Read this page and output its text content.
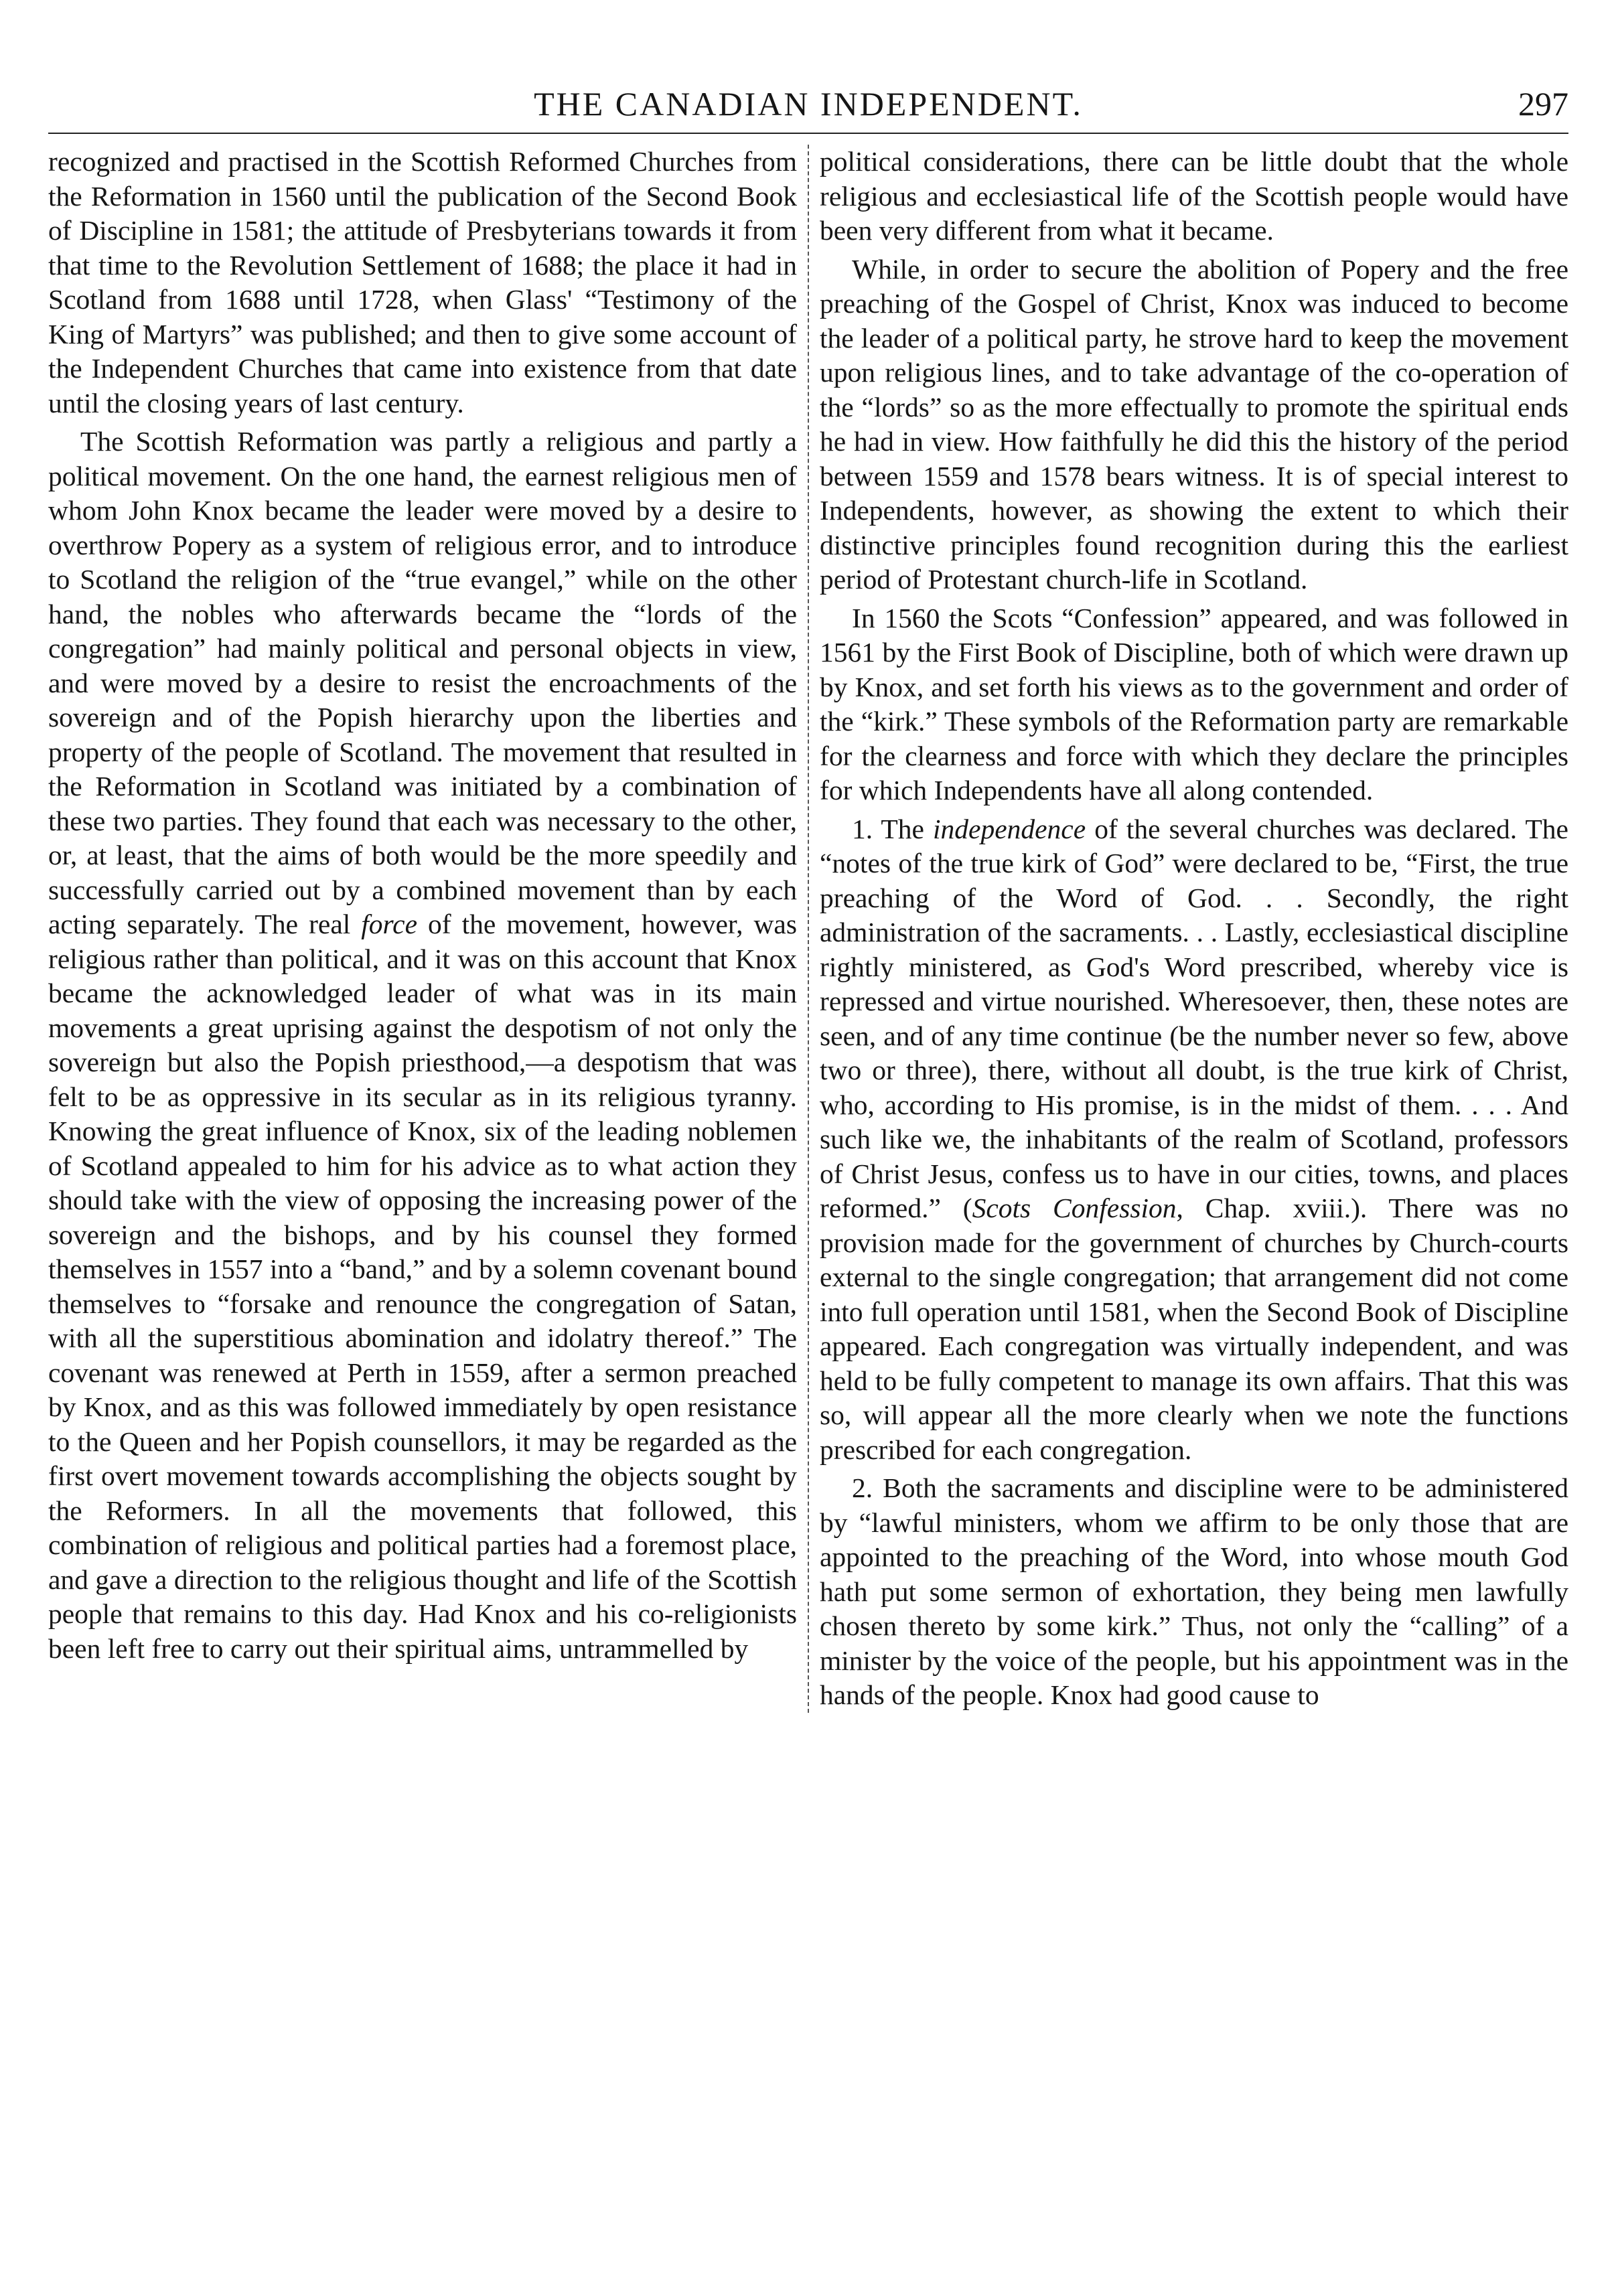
THE CANADIAN INDEPENDENT.	297

recognized and practised in the Scottish Reformed Churches from the Reformation in 1560 until the publication of the Second Book of Discipline in 1581; the attitude of Presbyterians towards it from that time to the Revolution Settlement of 1688; the place it had in Scotland from 1688 until 1728, when Glass' “Testimony of the King of Martyrs” was published; and then to give some account of the Independent Churches that came into existence from that date until the closing years of last century.

The Scottish Reformation was partly a religious and partly a political movement. On the one hand, the earnest religious men of whom John Knox became the leader were moved by a desire to overthrow Popery as a system of religious error, and to introduce to Scotland the religion of the “true evangel,” while on the other hand, the nobles who afterwards became the “lords of the congregation” had mainly political and personal objects in view, and were moved by a desire to resist the encroachments of the sovereign and of the Popish hierarchy upon the liberties and property of the people of Scotland. The movement that resulted in the Reformation in Scotland was initiated by a combination of these two parties. They found that each was necessary to the other, or, at least, that the aims of both would be the more speedily and successfully carried out by a combined movement than by each acting separately. The real force of the movement, however, was religious rather than political, and it was on this account that Knox became the acknowledged leader of what was in its main movements a great uprising against the despotism of not only the sovereign but also the Popish priesthood,—a despotism that was felt to be as oppressive in its secular as in its religious tyranny. Knowing the great influence of Knox, six of the leading noblemen of Scotland appealed to him for his advice as to what action they should take with the view of opposing the increasing power of the sovereign and the bishops, and by his counsel they formed themselves in 1557 into a “band,” and by a solemn covenant bound themselves to “forsake and renounce the congregation of Satan, with all the superstitious abomination and idolatry thereof.” The covenant was renewed at Perth in 1559, after a sermon preached by Knox, and as this was followed immediately by open resistance to the Queen and her Popish counsellors, it may be regarded as the first overt movement towards accomplishing the objects sought by the Reformers. In all the movements that followed, this combination of religious and political parties had a foremost place, and gave a direction to the religious thought and life of the Scottish people that remains to this day. Had Knox and his co-religionists been left free to carry out their spiritual aims, untrammelled by

political considerations, there can be little doubt that the whole religious and ecclesiastical life of the Scottish people would have been very different from what it became.

While, in order to secure the abolition of Popery and the free preaching of the Gospel of Christ, Knox was induced to become the leader of a political party, he strove hard to keep the movement upon religious lines, and to take advantage of the co-operation of the “lords” so as the more effectually to promote the spiritual ends he had in view. How faithfully he did this the history of the period between 1559 and 1578 bears witness. It is of special interest to Independents, however, as showing the extent to which their distinctive principles found recognition during this the earliest period of Protestant church-life in Scotland.

In 1560 the Scots “Confession” appeared, and was followed in 1561 by the First Book of Discipline, both of which were drawn up by Knox, and set forth his views as to the government and order of the “kirk.” These symbols of the Reformation party are remarkable for the clearness and force with which they declare the principles for which Independents have all along contended.

1. The independence of the several churches was declared. The “notes of the true kirk of God” were declared to be, “First, the true preaching of the Word of God. . . Secondly, the right administration of the sacraments. . . Lastly, ecclesiastical discipline rightly ministered, as God's Word prescribed, whereby vice is repressed and virtue nourished. Wheresoever, then, these notes are seen, and of any time continue (be the number never so few, above two or three), there, without all doubt, is the true kirk of Christ, who, according to His promise, is in the midst of them. . . . And such like we, the inhabitants of the realm of Scotland, professors of Christ Jesus, confess us to have in our cities, towns, and places reformed.” (Scots Confession, Chap. xviii.). There was no provision made for the government of churches by Church-courts external to the single congregation; that arrangement did not come into full operation until 1581, when the Second Book of Discipline appeared. Each congregation was virtually independent, and was held to be fully competent to manage its own affairs. That this was so, will appear all the more clearly when we note the functions prescribed for each congregation.

2. Both the sacraments and discipline were to be administered by “lawful ministers, whom we affirm to be only those that are appointed to the preaching of the Word, into whose mouth God hath put some sermon of exhortation, they being men lawfully chosen thereto by some kirk.” Thus, not only the “calling” of a minister by the voice of the people, but his appointment was in the hands of the people. Knox had good cause to
